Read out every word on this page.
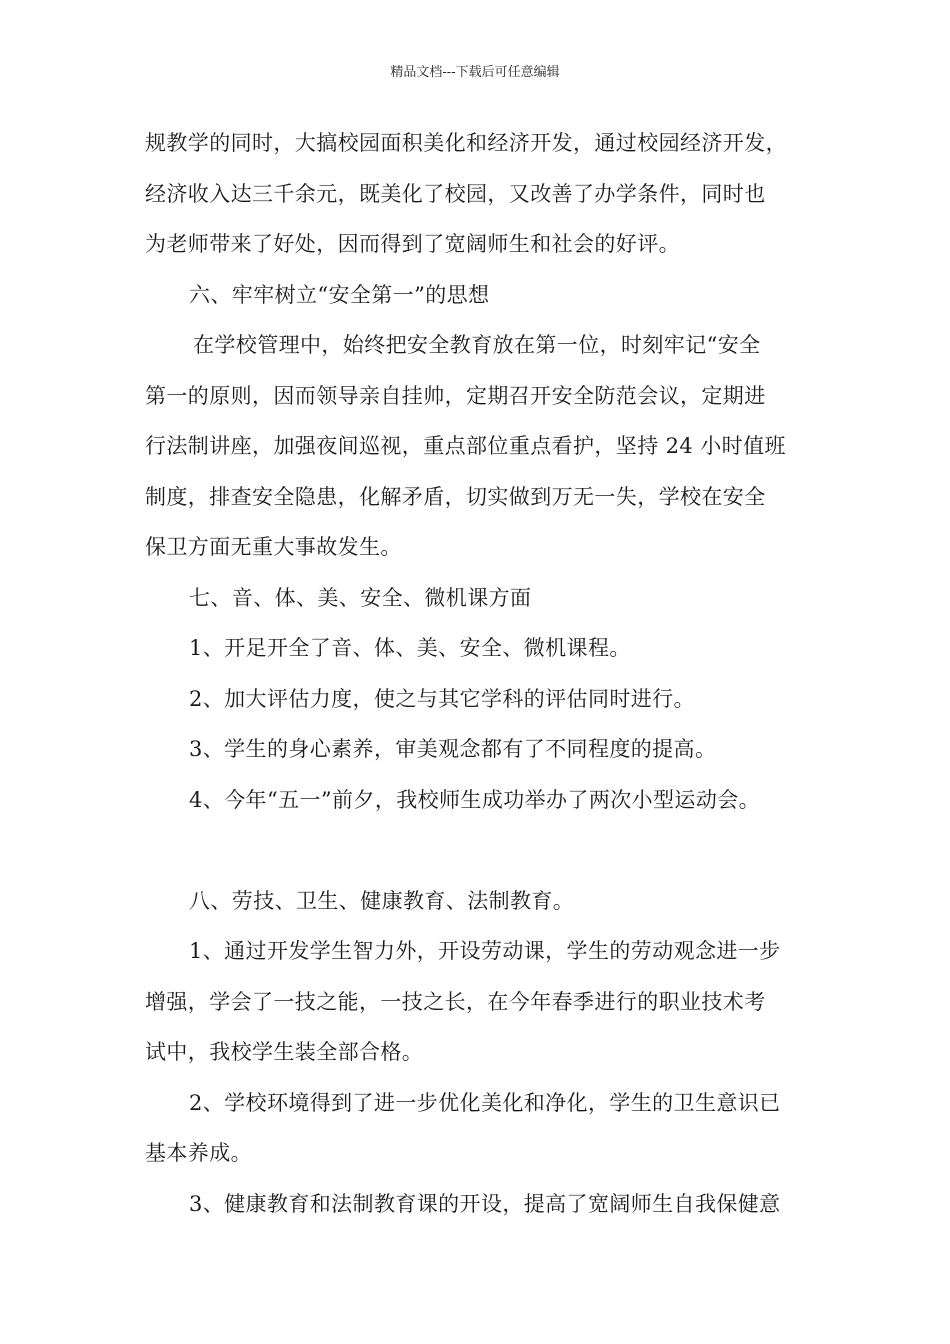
精品文档---下载后可任意编辑
规教学的同时，大搞校园面积美化和经济开发，通过校园经济开发，
经济收入达三千余元，既美化了校园，又改善了办学条件，同时也
为老师带来了好处，因而得到了宽阔师生和社会的好评。
六、牢牢树立“安全第一”的思想
在学校管理中，始终把安全教育放在第一位，时刻牢记“安全
第一的原则，因而领导亲自挂帅，定期召开安全防范会议，定期进
行法制讲座，加强夜间巡视，重点部位重点看护，坚持 24 小时值班
制度，排查安全隐患，化解矛盾，切实做到万无一失，学校在安全
保卫方面无重大事故发生。
七、音、体、美、安全、微机课方面
1、开足开全了音、体、美、安全、微机课程。
2、加大评估力度，使之与其它学科的评估同时进行。
3、学生的身心素养，审美观念都有了不同程度的提高。
4、今年“五一”前夕，我校师生成功举办了两次小型运动会。
八、劳技、卫生、健康教育、法制教育。
1、通过开发学生智力外，开设劳动课，学生的劳动观念进一步
增强，学会了一技之能，一技之长，在今年春季进行的职业技术考
试中，我校学生装全部合格。
2、学校环境得到了进一步优化美化和净化，学生的卫生意识已
基本养成。
3、健康教育和法制教育课的开设，提高了宽阔师生自我保健意
